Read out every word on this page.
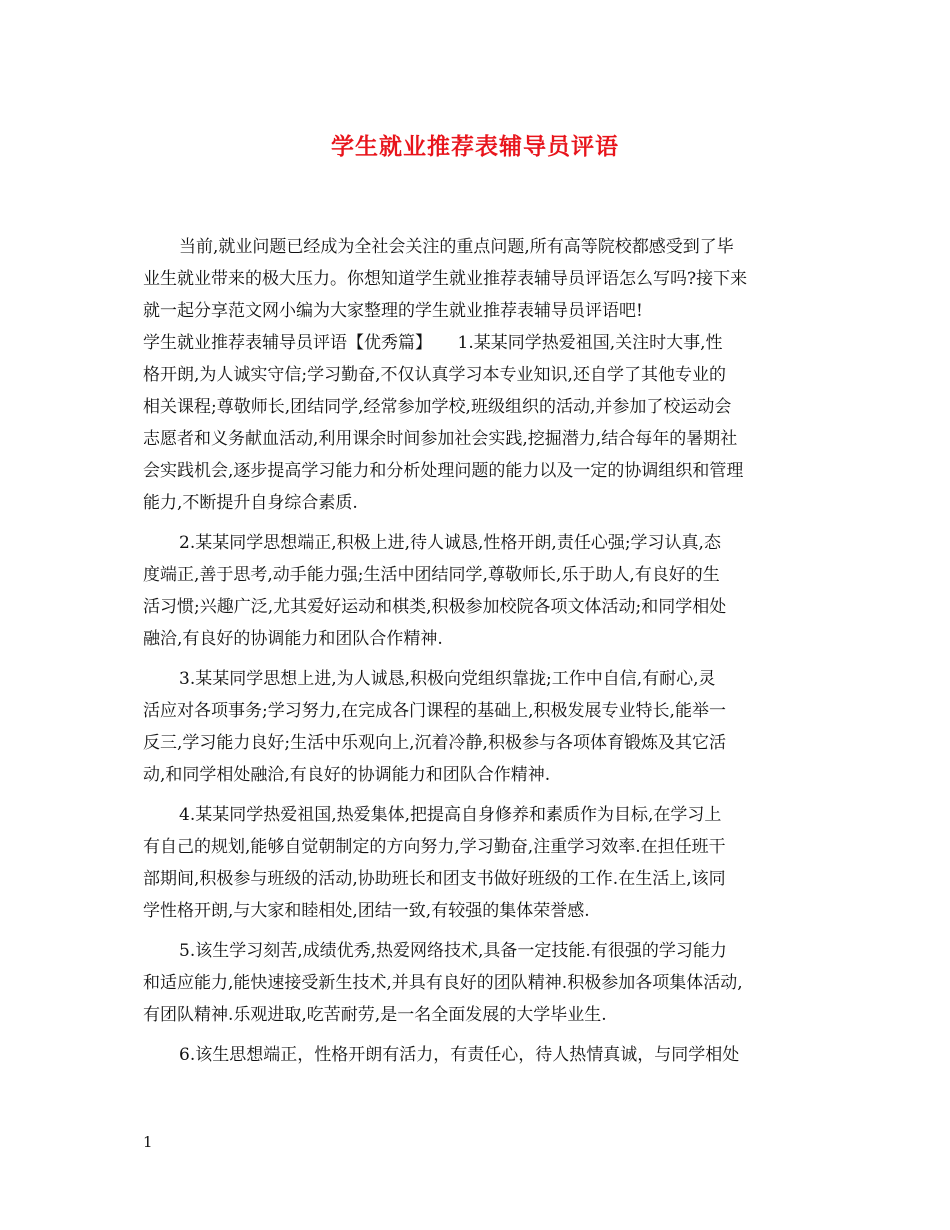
学生就业推荐表辅导员评语
当前,就业问题已经成为全社会关注的重点问题,所有高等院校都感受到了毕
业生就业带来的极大压力。你想知道学生就业推荐表辅导员评语怎么写吗?接下来
就一起分享范文网小编为大家整理的学生就业推荐表辅导员评语吧!
学生就业推荐表辅导员评语【优秀篇】　　1.某某同学热爱祖国,关注时大事,性
格开朗,为人诚实守信;学习勤奋,不仅认真学习本专业知识,还自学了其他专业的
相关课程;尊敬师长,团结同学,经常参加学校,班级组织的活动,并参加了校运动会
志愿者和义务献血活动,利用课余时间参加社会实践,挖掘潜力,结合每年的暑期社
会实践机会,逐步提高学习能力和分析处理问题的能力以及一定的协调组织和管理
能力,不断提升自身综合素质.
2.某某同学思想端正,积极上进,待人诚恳,性格开朗,责任心强;学习认真,态
度端正,善于思考,动手能力强;生活中团结同学,尊敬师长,乐于助人,有良好的生
活习惯;兴趣广泛,尤其爱好运动和棋类,积极参加校院各项文体活动;和同学相处
融洽,有良好的协调能力和团队合作精神.
3.某某同学思想上进,为人诚恳,积极向党组织靠拢;工作中自信,有耐心,灵
活应对各项事务;学习努力,在完成各门课程的基础上,积极发展专业特长,能举一
反三,学习能力良好;生活中乐观向上,沉着冷静,积极参与各项体育锻炼及其它活
动,和同学相处融洽,有良好的协调能力和团队合作精神.
4.某某同学热爱祖国,热爱集体,把提高自身修养和素质作为目标,在学习上
有自己的规划,能够自觉朝制定的方向努力,学习勤奋,注重学习效率.在担任班干
部期间,积极参与班级的活动,协助班长和团支书做好班级的工作.在生活上,该同
学性格开朗,与大家和睦相处,团结一致,有较强的集体荣誉感.
5.该生学习刻苦,成绩优秀,热爱网络技术,具备一定技能.有很强的学习能力
和适应能力,能快速接受新生技术,并具有良好的团队精神.积极参加各项集体活动,
有团队精神.乐观进取,吃苦耐劳,是一名全面发展的大学毕业生.
6.该生思想端正，性格开朗有活力，有责任心，待人热情真诚，与同学相处
1
